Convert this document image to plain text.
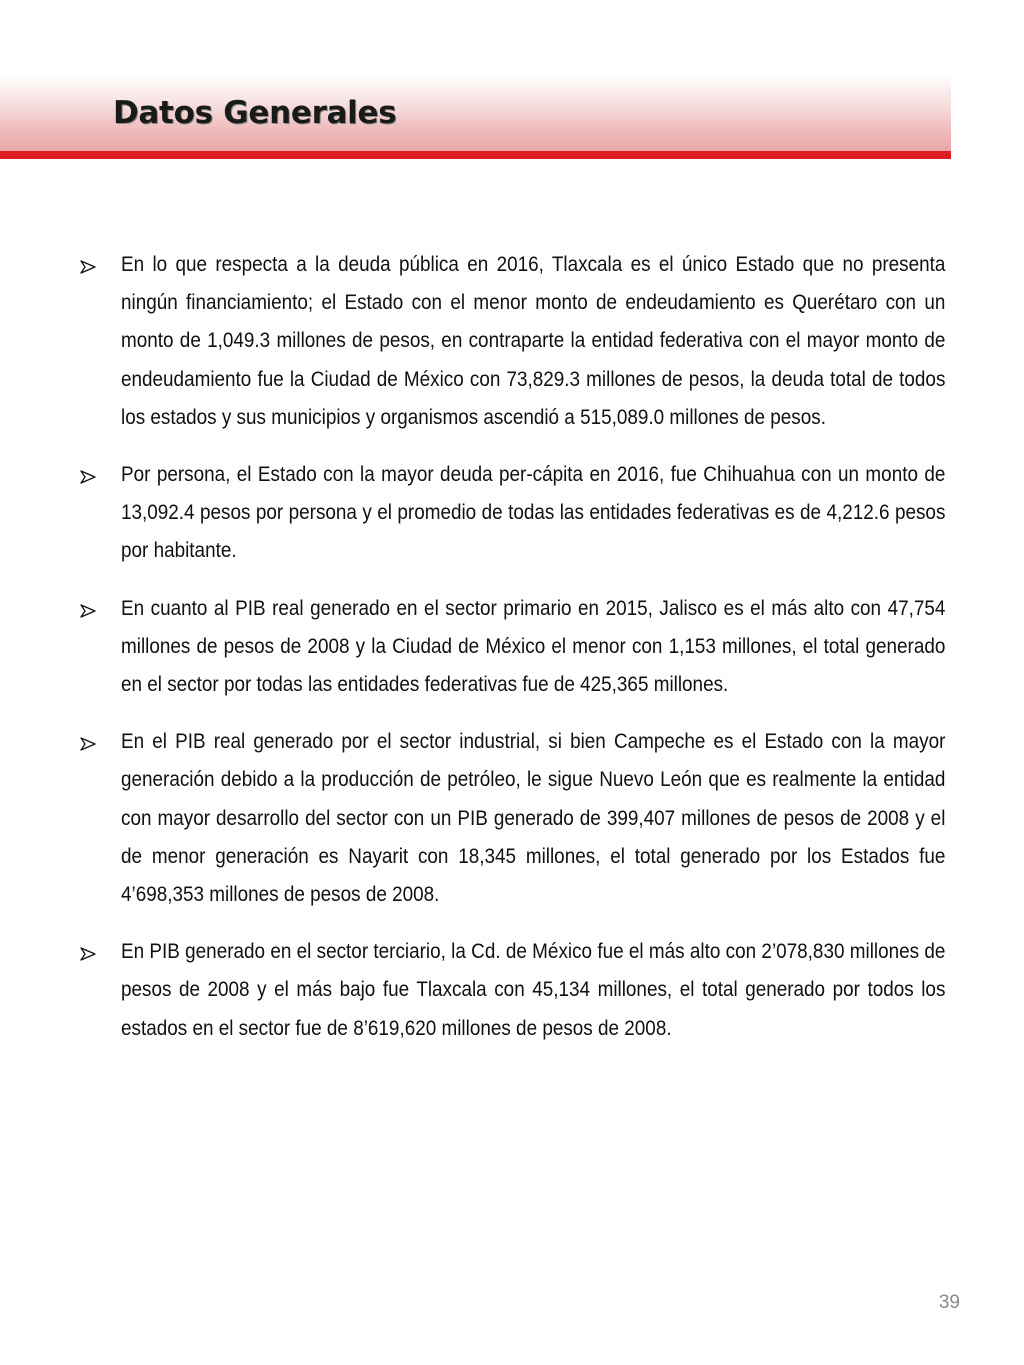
Datos Generales
En lo que respecta a la deuda pública en 2016, Tlaxcala es el único Estado que no presenta ningún financiamiento; el Estado con el menor monto de endeudamiento es Querétaro con un monto de 1,049.3 millones de pesos, en contraparte la entidad federativa con el mayor monto de endeudamiento fue la Ciudad de México con 73,829.3 millones de pesos, la deuda total de todos los estados y sus municipios y organismos ascendió a 515,089.0 millones de pesos.
Por persona, el Estado con la mayor deuda per-cápita en 2016, fue Chihuahua con un monto de 13,092.4 pesos por persona y el promedio de todas las entidades federativas es de 4,212.6 pesos por habitante.
En cuanto al PIB real generado en el sector primario en 2015, Jalisco es el más alto con 47,754 millones de pesos de 2008 y la Ciudad de México el menor con 1,153 millones, el total generado en el sector por todas las entidades federativas fue de 425,365 millones.
En el PIB real generado por el sector industrial, si bien Campeche es el Estado con la mayor generación debido a la producción de petróleo, le sigue Nuevo León que es realmente la entidad con mayor desarrollo del sector con un PIB generado de 399,407 millones de pesos de 2008 y el de menor generación es Nayarit con 18,345 millones, el total generado por los Estados fue 4’698,353 millones de pesos de 2008.
En PIB generado en el sector terciario, la Cd. de México fue el más alto con 2’078,830 millones de pesos de 2008 y el más bajo fue Tlaxcala con 45,134 millones, el total generado por todos los estados en el sector fue de 8’619,620 millones de pesos de 2008.
39
